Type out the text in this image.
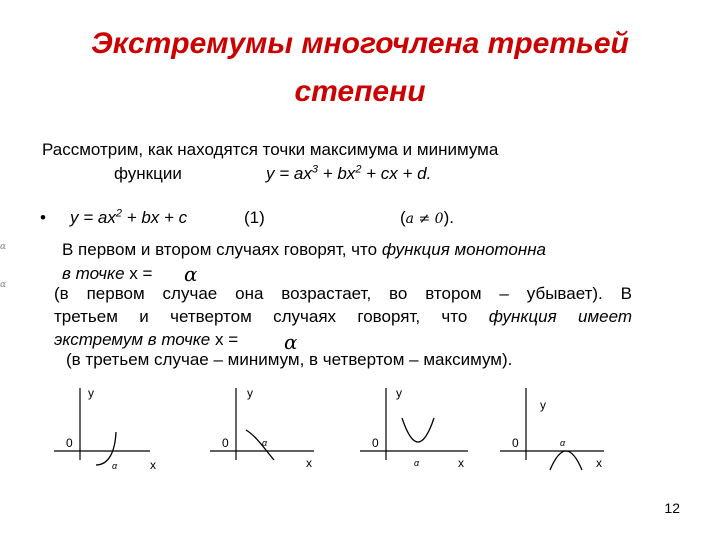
Экстремумы многочлена третьей
степени
Рассмотрим, как находятся точки максимума и минимума
функции	$y = ax^3 + bx^2$ + cx + d.
• $y = ax^2$ + bx + c	(1)	(a ≠ 0).
В первом и втором случаях говорят, что функция монотонна
в точке x = α
(в первом случае она возрастает, во втором – убывает). В
третьем и четвертом случаях говорят, что функция имеет
экстремум в точке x = α
(в третьем случае – минимум, в четвертом – максимум).
α
α
y
0
x
α
y
0
x
α
y
0
x
α
y
0
x
α
12
